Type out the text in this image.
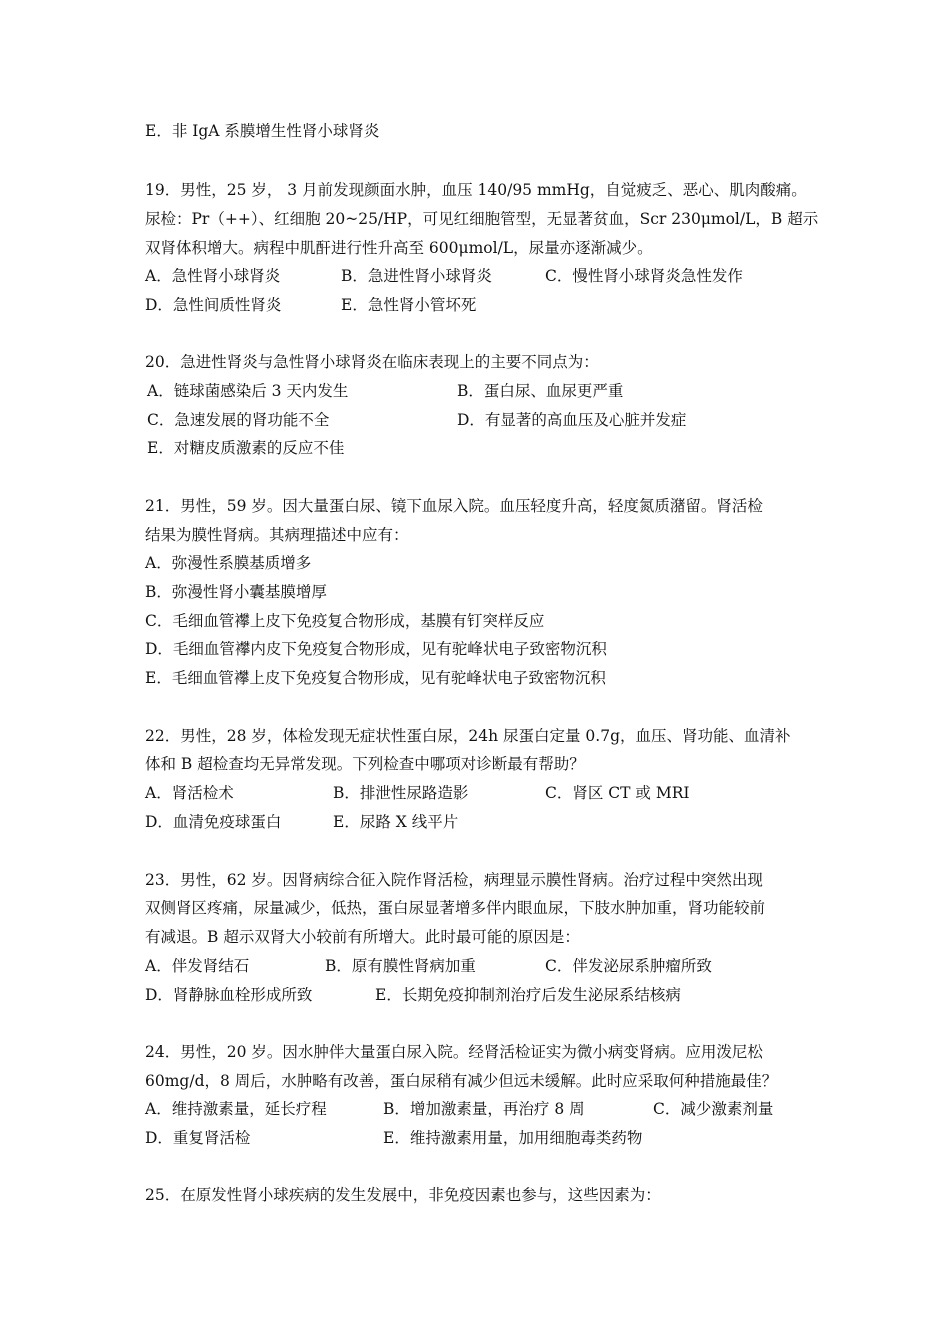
E．非 IgA 系膜增生性肾小球肾炎
19．男性，25 岁， 3 月前发现颜面水肿，血压 140/95 mmHg，自觉疲乏、恶心、肌肉酸痛。
尿检：Pr（++）、红细胞 20~25/HP，可见红细胞管型，无显著贫血，Scr 230μmol/L，B 超示
双肾体积增大。病程中肌酐进行性升高至 600μmol/L，尿量亦逐渐减少。
A．急性肾小球肾炎	B．急进性肾小球肾炎	C．慢性肾小球肾炎急性发作
D．急性间质性肾炎	E．急性肾小管坏死
20．急进性肾炎与急性肾小球肾炎在临床表现上的主要不同点为：
A．链球菌感染后 3 天内发生	B．蛋白尿、血尿更严重
C．急速发展的肾功能不全	D．有显著的高血压及心脏并发症
E．对糖皮质激素的反应不佳
21．男性，59 岁。因大量蛋白尿、镜下血尿入院。血压轻度升高，轻度氮质潴留。肾活检
结果为膜性肾病。其病理描述中应有：
A．弥漫性系膜基质增多
B．弥漫性肾小囊基膜增厚
C．毛细血管襻上皮下免疫复合物形成，基膜有钉突样反应
D．毛细血管襻内皮下免疫复合物形成，见有驼峰状电子致密物沉积
E．毛细血管襻上皮下免疫复合物形成，见有驼峰状电子致密物沉积
22．男性，28 岁，体检发现无症状性蛋白尿，24h 尿蛋白定量 0.7g，血压、肾功能、血清补
体和 B 超检查均无异常发现。下列检查中哪项对诊断最有帮助？
A．肾活检术	B．排泄性尿路造影	C．肾区 CT 或 MRI
D．血清免疫球蛋白	E．尿路 X 线平片
23．男性，62 岁。因肾病综合征入院作肾活检，病理显示膜性肾病。治疗过程中突然出现
双侧肾区疼痛，尿量减少，低热，蛋白尿显著增多伴内眼血尿，下肢水肿加重，肾功能较前
有减退。B 超示双肾大小较前有所增大。此时最可能的原因是：
A．伴发肾结石	B．原有膜性肾病加重	C．伴发泌尿系肿瘤所致
D．肾静脉血栓形成所致	E．长期免疫抑制剂治疗后发生泌尿系结核病
24．男性，20 岁。因水肿伴大量蛋白尿入院。经肾活检证实为微小病变肾病。应用泼尼松
60mg/d，8 周后，水肿略有改善，蛋白尿稍有减少但远未缓解。此时应采取何种措施最佳？
A．维持激素量，延长疗程	B．增加激素量，再治疗 8 周	C．减少激素剂量
D．重复肾活检	E．维持激素用量，加用细胞毒类药物
25．在原发性肾小球疾病的发生发展中，非免疫因素也参与，这些因素为：
